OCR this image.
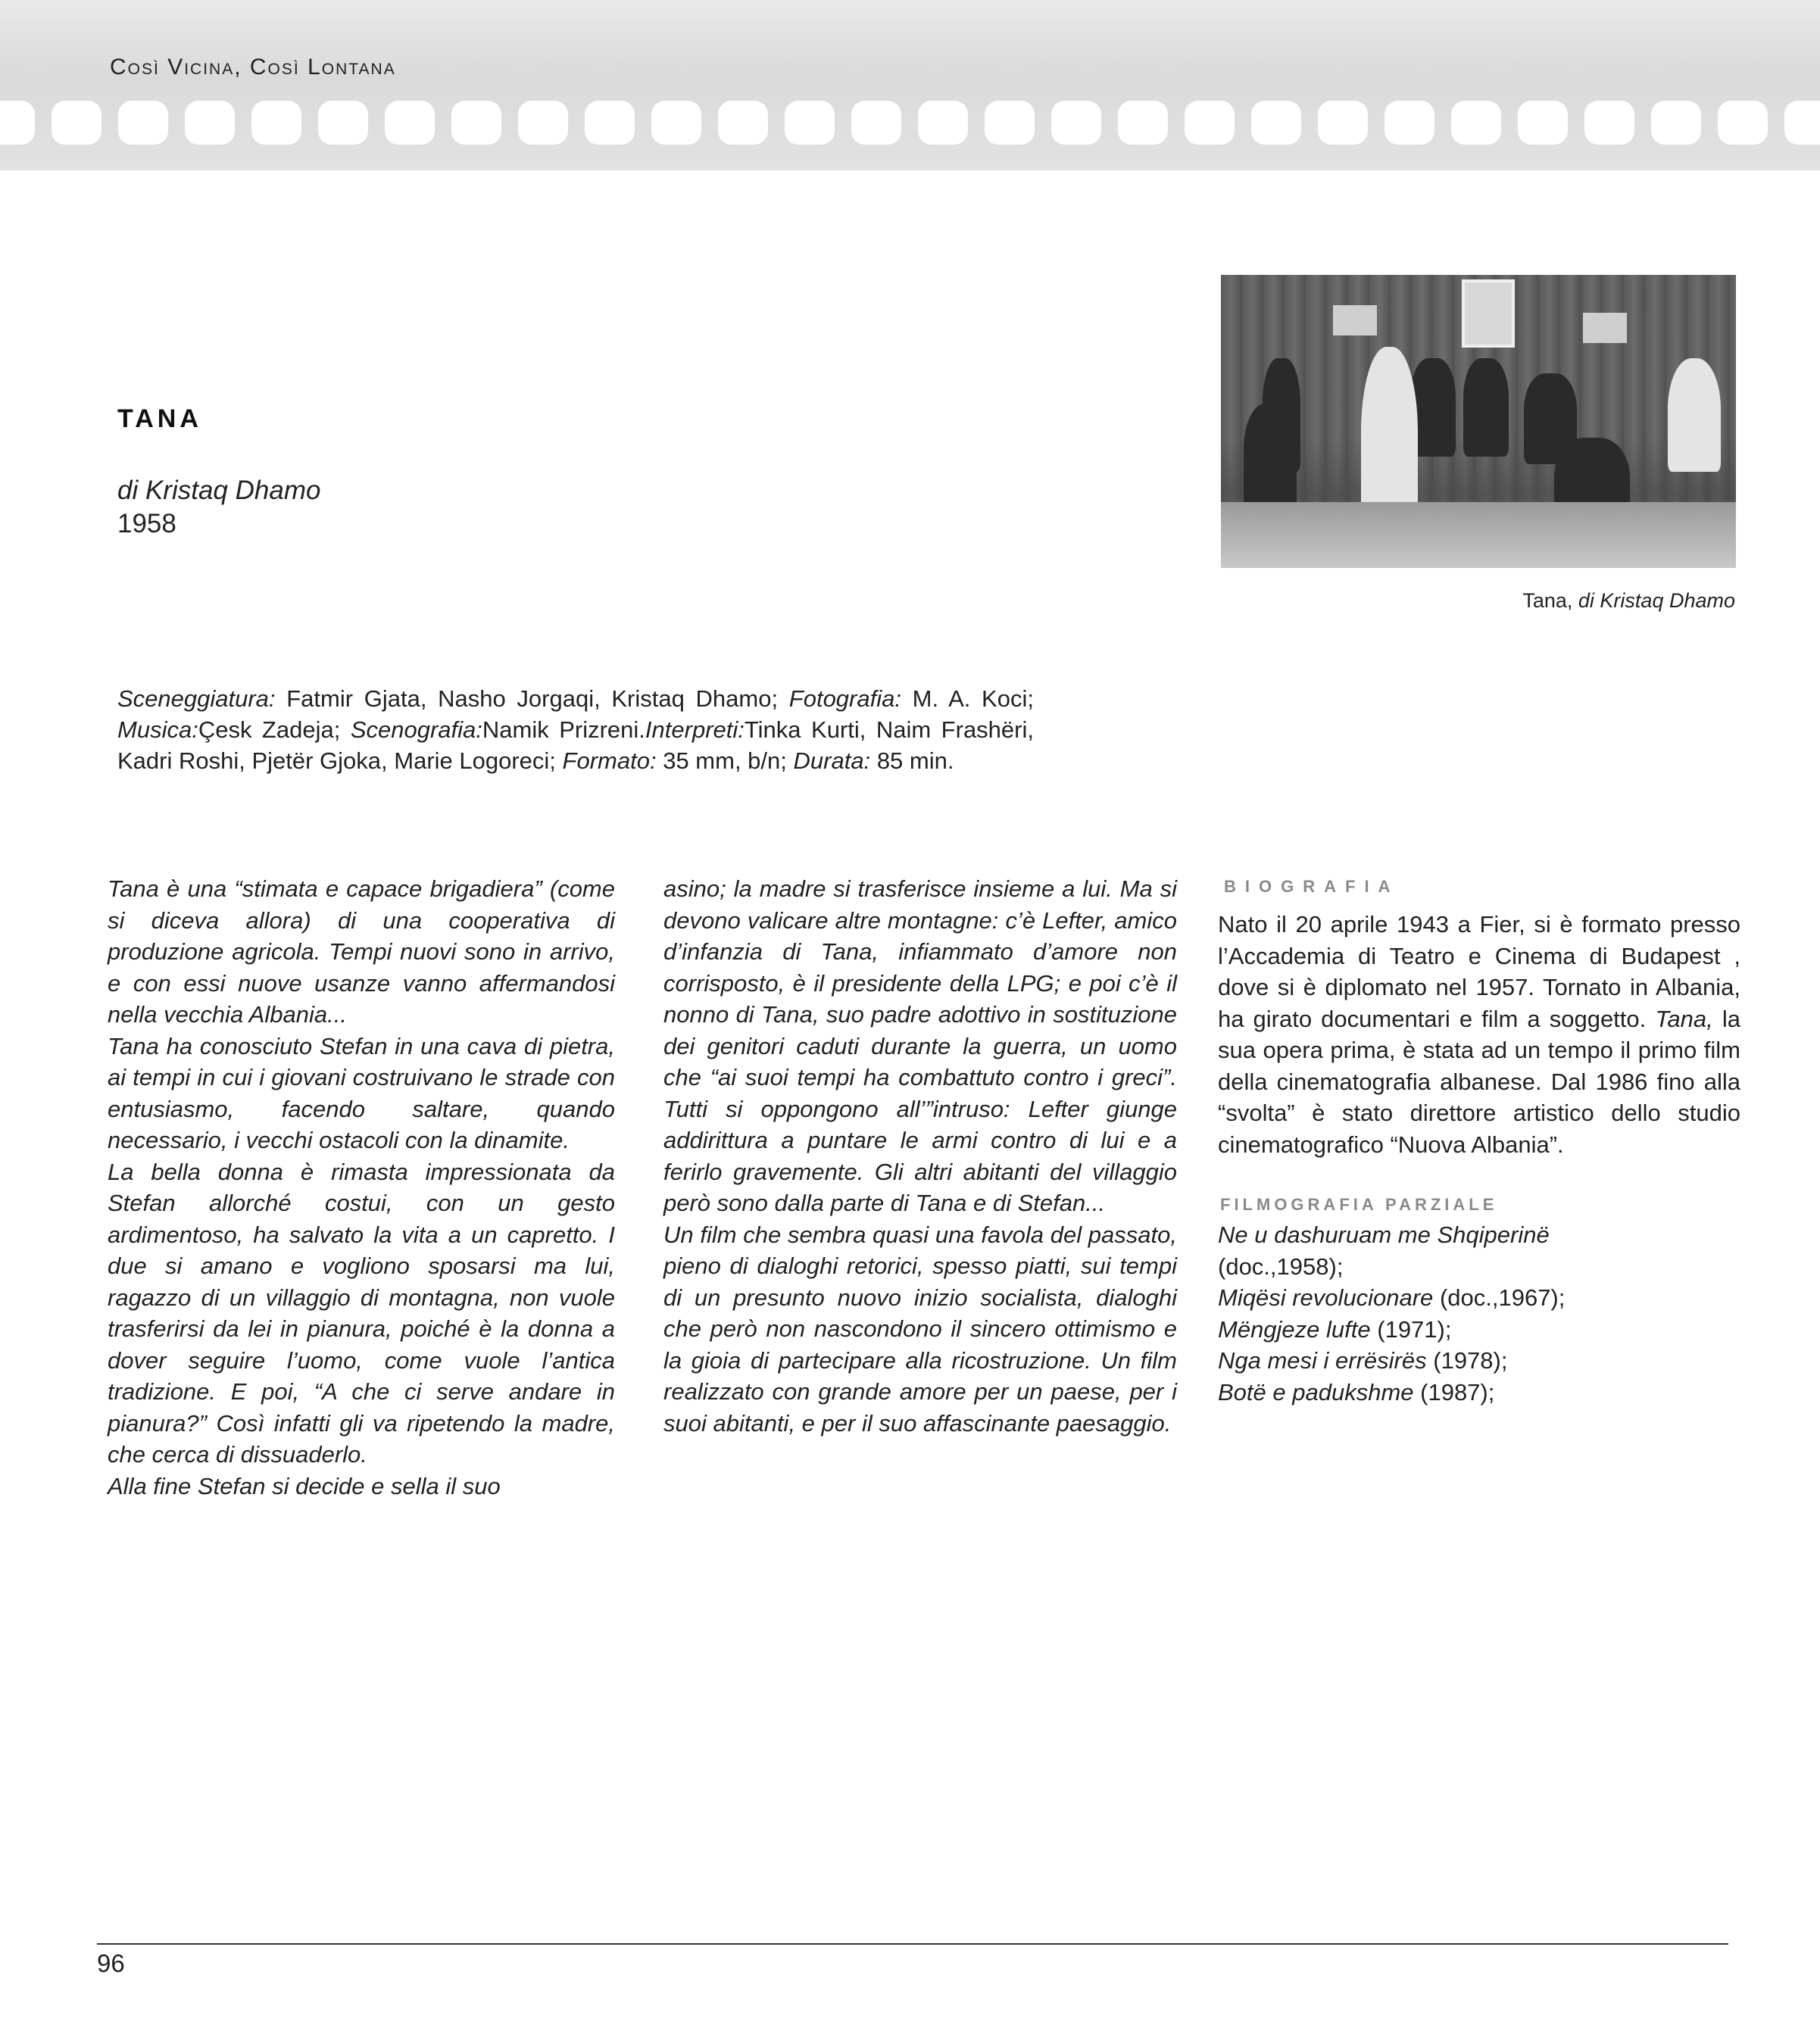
Così Vicina, Così Lontana
TANA
di Kristaq Dhamo
1958
Tana, di Kristaq Dhamo
Sceneggiatura: Fatmir Gjata, Nasho Jorgaqi, Kristaq Dhamo; Fotografia: M. A. Koci; Musica:Çesk Zadeja; Scenografia:Namik Prizreni.Interpreti:Tinka Kurti, Naim Frashëri, Kadri Roshi, Pjetër Gjoka, Marie Logoreci; Formato: 35 mm, b/n; Durata: 85 min.

Tana è una “stimata e capace brigadiera” (come si diceva allora) di una cooperativa di produzione agricola. Tempi nuovi sono in arrivo, e con essi nuove usanze vanno affermandosi nella vecchia Albania...

Tana ha conosciuto Stefan in una cava di pietra, ai tempi in cui i giovani costruivano le strade con entusiasmo, facendo saltare, quando necessario, i vecchi ostacoli con la dinamite.

La bella donna è rimasta impressionata da Stefan allorché costui, con un gesto ardimentoso, ha salvato la vita a un capretto. I due si amano e vogliono sposarsi ma lui, ragazzo di un villaggio di montagna, non vuole trasferirsi da lei in pianura, poiché è la donna a dover seguire l’uomo, come vuole l’antica tradizione. E poi, “A che ci serve andare in pianura?” Così infatti gli va ripetendo la madre, che cerca di dissuaderlo.

Alla fine Stefan si decide e sella il suo

asino; la madre si trasferisce insieme a lui. Ma si devono valicare altre montagne: c’è Lefter, amico d’infanzia di Tana, infiammato d’amore non corrisposto, è il presidente della LPG; e poi c’è il nonno di Tana, suo padre adottivo in sostituzione dei genitori caduti durante la guerra, un uomo che “ai suoi tempi ha combattuto contro i greci”. Tutti si oppongono all’”intruso: Lefter giunge addirittura a puntare le armi contro di lui e a ferirlo gravemente. Gli altri abitanti del villaggio però sono dalla parte di Tana e di Stefan...

Un film che sembra quasi una favola del passato, pieno di dialoghi retorici, spesso piatti, sui tempi di un presunto nuovo inizio socialista, dialoghi che però non nascondono il sincero ottimismo e la gioia di partecipare alla ricostruzione. Un film realizzato con grande amore per un paese, per i suoi abitanti, e per il suo affascinante paesaggio.

BIOGRAFIA

Nato il 20 aprile 1943 a Fier, si è formato presso l’Accademia di Teatro e Cinema di Budapest , dove si è diplomato nel 1957. Tornato in Albania, ha girato documentari e film a soggetto. Tana, la sua opera prima, è stata ad un tempo il primo film della cinematografia albanese. Dal 1986 fino alla “svolta” è stato direttore artistico dello studio cinematografico “Nuova Albania”.

FILMOGRAFIA PARZIALE

Ne u dashuruam me Shqiperinë
(doc.,1958);

Miqësi revolucionare (doc.,1967);

Mëngjeze lufte (1971);

Nga mesi i errësirës (1978);

Botë e padukshme (1987);

96
